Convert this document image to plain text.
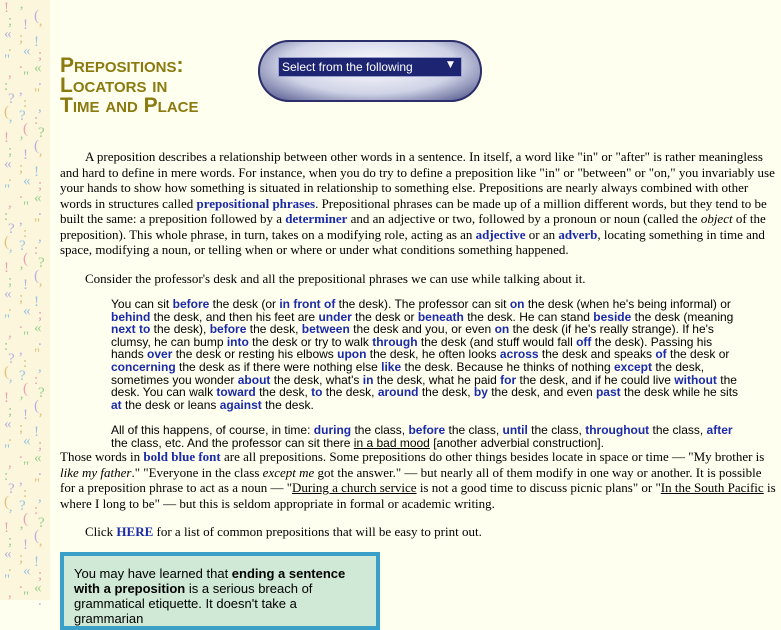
! ’ (
; ! ’
« ; !
. « ;
" . «
, " .
: , "
? : ,
( ? :
’ ( ?
! ’ (
; ! ’
« ; !
. « ;
" . «
, " .
: , "
? : ,
( ? :
’ ( ?
! ’ (
; ! ’
« ; !
. « ;
" . «
, " .
: , "
? : ,
( ? :
’ ( ?
! ’ (
; ! ’
« ; !
. « ;
" . «
, " .
: , "
? : ,
( ? :
’ ( ?
! ’ (
; ! ’
« ; !
. « ;
" . «
, " .
Prepositions:
Locators in
Time and Place
Select from the following
▼

A preposition describes a relationship between other words in a sentence. In itself, a word like "in" or "after" is rather meaningless and hard to define in mere words. For instance, when you do try to define a preposition like "in" or "between" or "on," you invariably use your hands to show how something is situated in relationship to something else. Prepositions are nearly always combined with other words in structures called prepositional phrases. Prepositional phrases can be made up of a million different words, but they tend to be built the same: a preposition followed by a determiner and an adjective or two, followed by a pronoun or noun (called the object of the preposition). This whole phrase, in turn, takes on a modifying role, acting as an adjective or an adverb, locating something in time and space, modifying a noun, or telling when or where or under what conditions something happened.

Consider the professor's desk and all the prepositional phrases we can use while talking about it.

You can sit before the desk (or in front of the desk). The professor can sit on the desk (when he's being informal) or behind the desk, and then his feet are under the desk or beneath the desk. He can stand beside the desk (meaning next to the desk), before the desk, between the desk and you, or even on the desk (if he's really strange). If he's clumsy, he can bump into the desk or try to walk through the desk (and stuff would fall off the desk). Passing his hands over the desk or resting his elbows upon the desk, he often looks across the desk and speaks of the desk or concerning the desk as if there were nothing else like the desk. Because he thinks of nothing except the desk, sometimes you wonder about the desk, what's in the desk, what he paid for the desk, and if he could live without the desk. You can walk toward the desk, to the desk, around the desk, by the desk, and even past the desk while he sits at the desk or leans against the desk.

All of this happens, of course, in time: during the class, before the class, until the class, throughout the class, after the class, etc. And the professor can sit there in a bad mood [another adverbial construction].

Those words in bold blue font are all prepositions. Some prepositions do other things besides locate in space or time — "My brother is like my father." "Everyone in the class except me got the answer." — but nearly all of them modify in one way or another. It is possible for a preposition phrase to act as a noun — "During a church service is not a good time to discuss picnic plans" or "In the South Pacific is where I long to be" — but this is seldom appropriate in formal or academic writing.

Click HERE for a list of common prepositions that will be easy to print out.

You may have learned that ending a sentence with a preposition is a serious breach of grammatical etiquette. It doesn't take a grammarian
